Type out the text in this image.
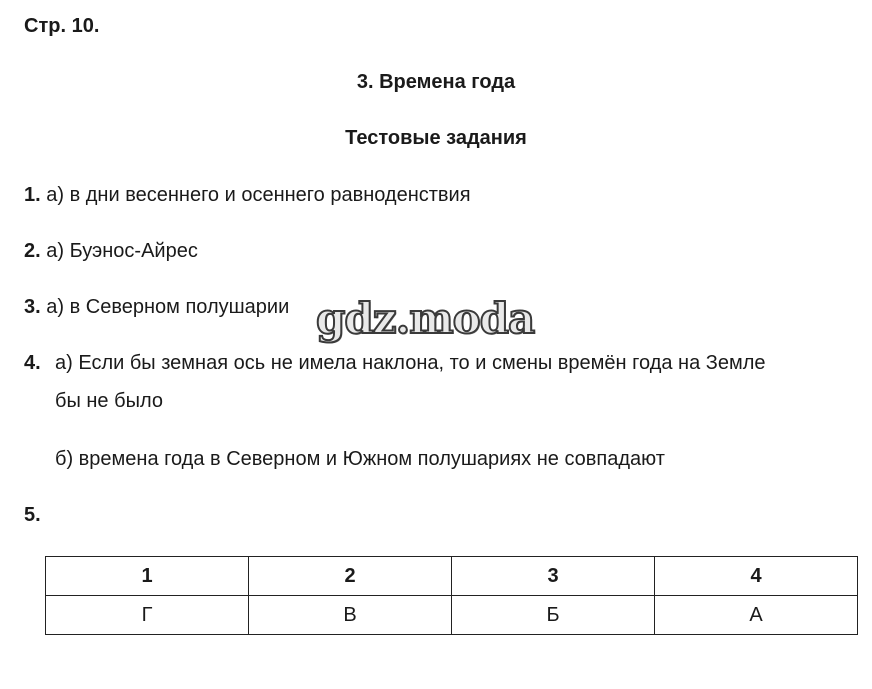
Стр. 10.
3. Времена года
Тестовые задания
1. а) в дни весеннего и осеннего равноденствия
2. а) Буэнос-Айрес
3. а) в Северном полушарии gdz.moda
4. а) Если бы земная ось не имела наклона, то и смены времён года на Земле
бы не было
б) времена года в Северном и Южном полушариях не совпадают
5.
1	2	3	4
Г	В	Б	А
